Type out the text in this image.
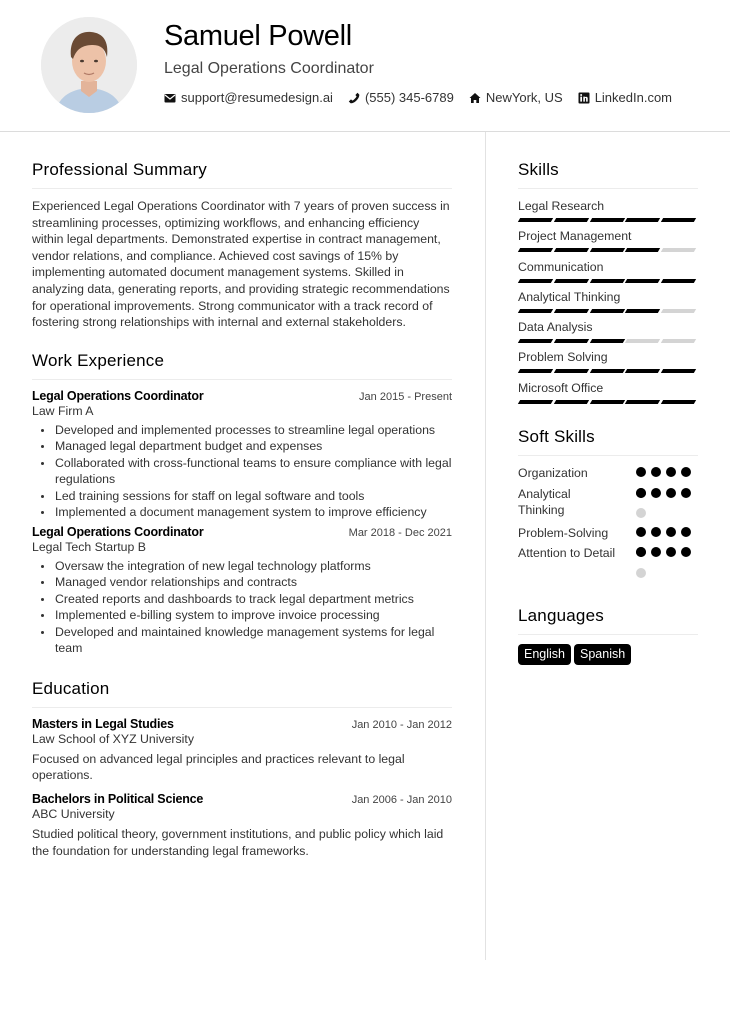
Samuel Powell
Legal Operations Coordinator
support@resumedesign.ai (555) 345-6789 NewYork, US LinkedIn.com
Professional Summary

Experienced Legal Operations Coordinator with 7 years of proven success in streamlining processes, optimizing workflows, and enhancing efficiency within legal departments. Demonstrated expertise in contract management, vendor relations, and compliance. Achieved cost savings of 15% by implementing automated document management systems. Skilled in analyzing data, generating reports, and providing strategic recommendations for operational improvements. Strong communicator with a track record of fostering strong relationships with internal and external stakeholders.

Work Experience
Legal Operations Coordinator	Jan 2015 - Present
Law Firm A
Developed and implemented processes to streamline legal operations
Managed legal department budget and expenses
Collaborated with cross-functional teams to ensure compliance with legal regulations
Led training sessions for staff on legal software and tools
Implemented a document management system to improve efficiency
Legal Operations Coordinator	Mar 2018 - Dec 2021
Legal Tech Startup B
Oversaw the integration of new legal technology platforms
Managed vendor relationships and contracts
Created reports and dashboards to track legal department metrics
Implemented e-billing system to improve invoice processing
Developed and maintained knowledge management systems for legal team
Education
Masters in Legal Studies	Jan 2010 - Jan 2012
Law School of XYZ University

Focused on advanced legal principles and practices relevant to legal operations.

Bachelors in Political Science	Jan 2006 - Jan 2010
ABC University

Studied political theory, government institutions, and public policy which laid the foundation for understanding legal frameworks.

Skills
Legal Research
Project Management
Communication
Analytical Thinking
Data Analysis
Problem Solving
Microsoft Office
Soft Skills
Organization
Analytical Thinking
Problem-Solving
Attention to Detail
Languages
English	Spanish
